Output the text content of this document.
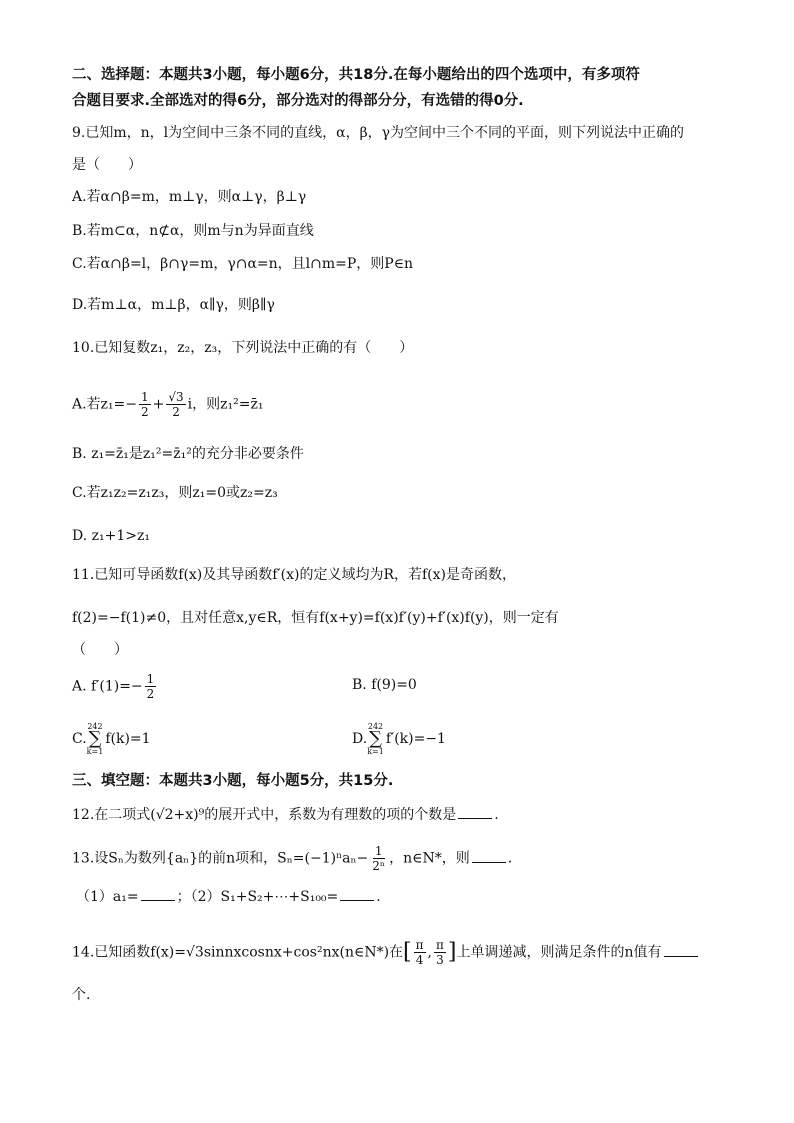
二、选择题：本题共3小题，每小题6分，共18分.在每小题给出的四个选项中，有多项符
合题目要求.全部选对的得6分，部分选对的得部分分，有选错的得0分.
9.已知m，n，l为空间中三条不同的直线，α，β，γ为空间中三个不同的平面，则下列说法中正确的
是（　　）
A.若α∩β=m，m⊥γ，则α⊥γ，β⊥γ
B.若m⊂α，n⊄α，则m与n为异面直线
C.若α∩β=l，β∩γ=m，γ∩α=n，且l∩m=P，则P∈n
D.若m⊥α，m⊥β，α∥γ，则β∥γ
10.已知复数z₁，z₂，z₃，下列说法中正确的有（　　）
A.若$z_1=- \frac{1}{2} + \frac{√3}{2}$ i，则z₁²=z̄₁
B. z₁=z̄₁是z₁²=z̄₁²的充分非必要条件
C.若z₁z₂=z₁z₃，则z₁=0或z₂=z₃
D. z₁+1>z₁
11.已知可导函数f(x)及其导函数f′(x)的定义域均为R，若f(x)是奇函数，
f(2)=−f(1)≠0，且对任意x,y∈R，恒有f(x+y)=f(x)f′(y)+f′(x)f(y)，则一定有
（　　）
A. $f'(1)=- \frac{1}{2}$	B. f(9)=0
C.
242
∑
k=1
f(k)=1	D.
242
∑
k=1
f′(k)=−1
三、填空题：本题共3小题，每小题5分，共15分.
12.在二项式(√2+x)⁹的展开式中，系数为有理数的项的个数是	.
13.设Sₙ为数列{aₙ}的前n项和，$S_n=(-1)^na_n- \frac{1}{\text{2ⁿ}}$ ，n∈N*，则	.
（1）a₁=	；（2）S₁+S₂+⋯+S₁₀₀=	.
14.已知函数f(x)=√3sinnxcosnx+cos²nx(n∈N*)在[ $\frac{\pi}{4}$ , $\frac{\pi}{3}$ ]上单调递减，则满足条件的n值有
个.
